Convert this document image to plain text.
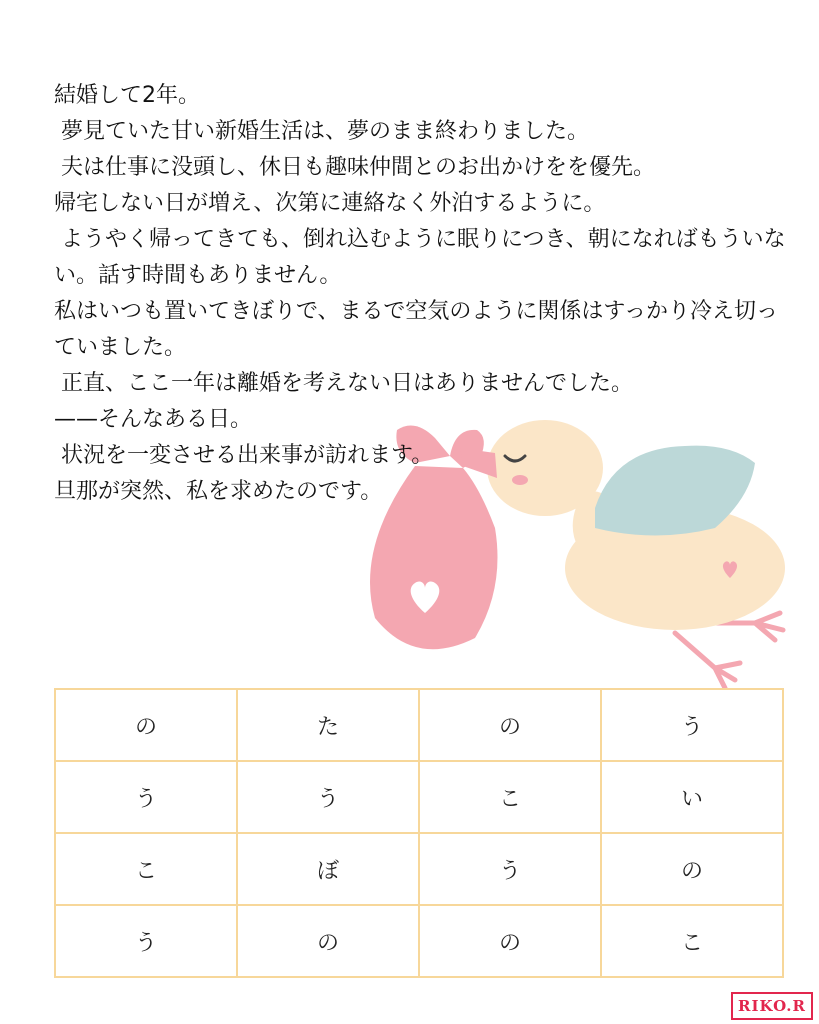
結婚して2年。

夢見ていた甘い新婚生活は、夢のまま終わりました。

夫は仕事に没頭し、休日も趣味仲間とのお出かけをを優先。

帰宅しない日が増え、次第に連絡なく外泊するように。

ようやく帰ってきても、倒れ込むように眠りにつき、朝になればもういない。話す時間もありません。

私はいつも置いてきぼりで、まるで空気のように関係はすっかり冷え切っていました。

正直、ここ一年は離婚を考えない日はありませんでした。

——そんなある日。

状況を一変させる出来事が訪れます。

旦那が突然、私を求めたのです。

の	た	の	う
う	う	こ	い
こ	ぼ	う	の
う	の	の	こ
RIKO.R
